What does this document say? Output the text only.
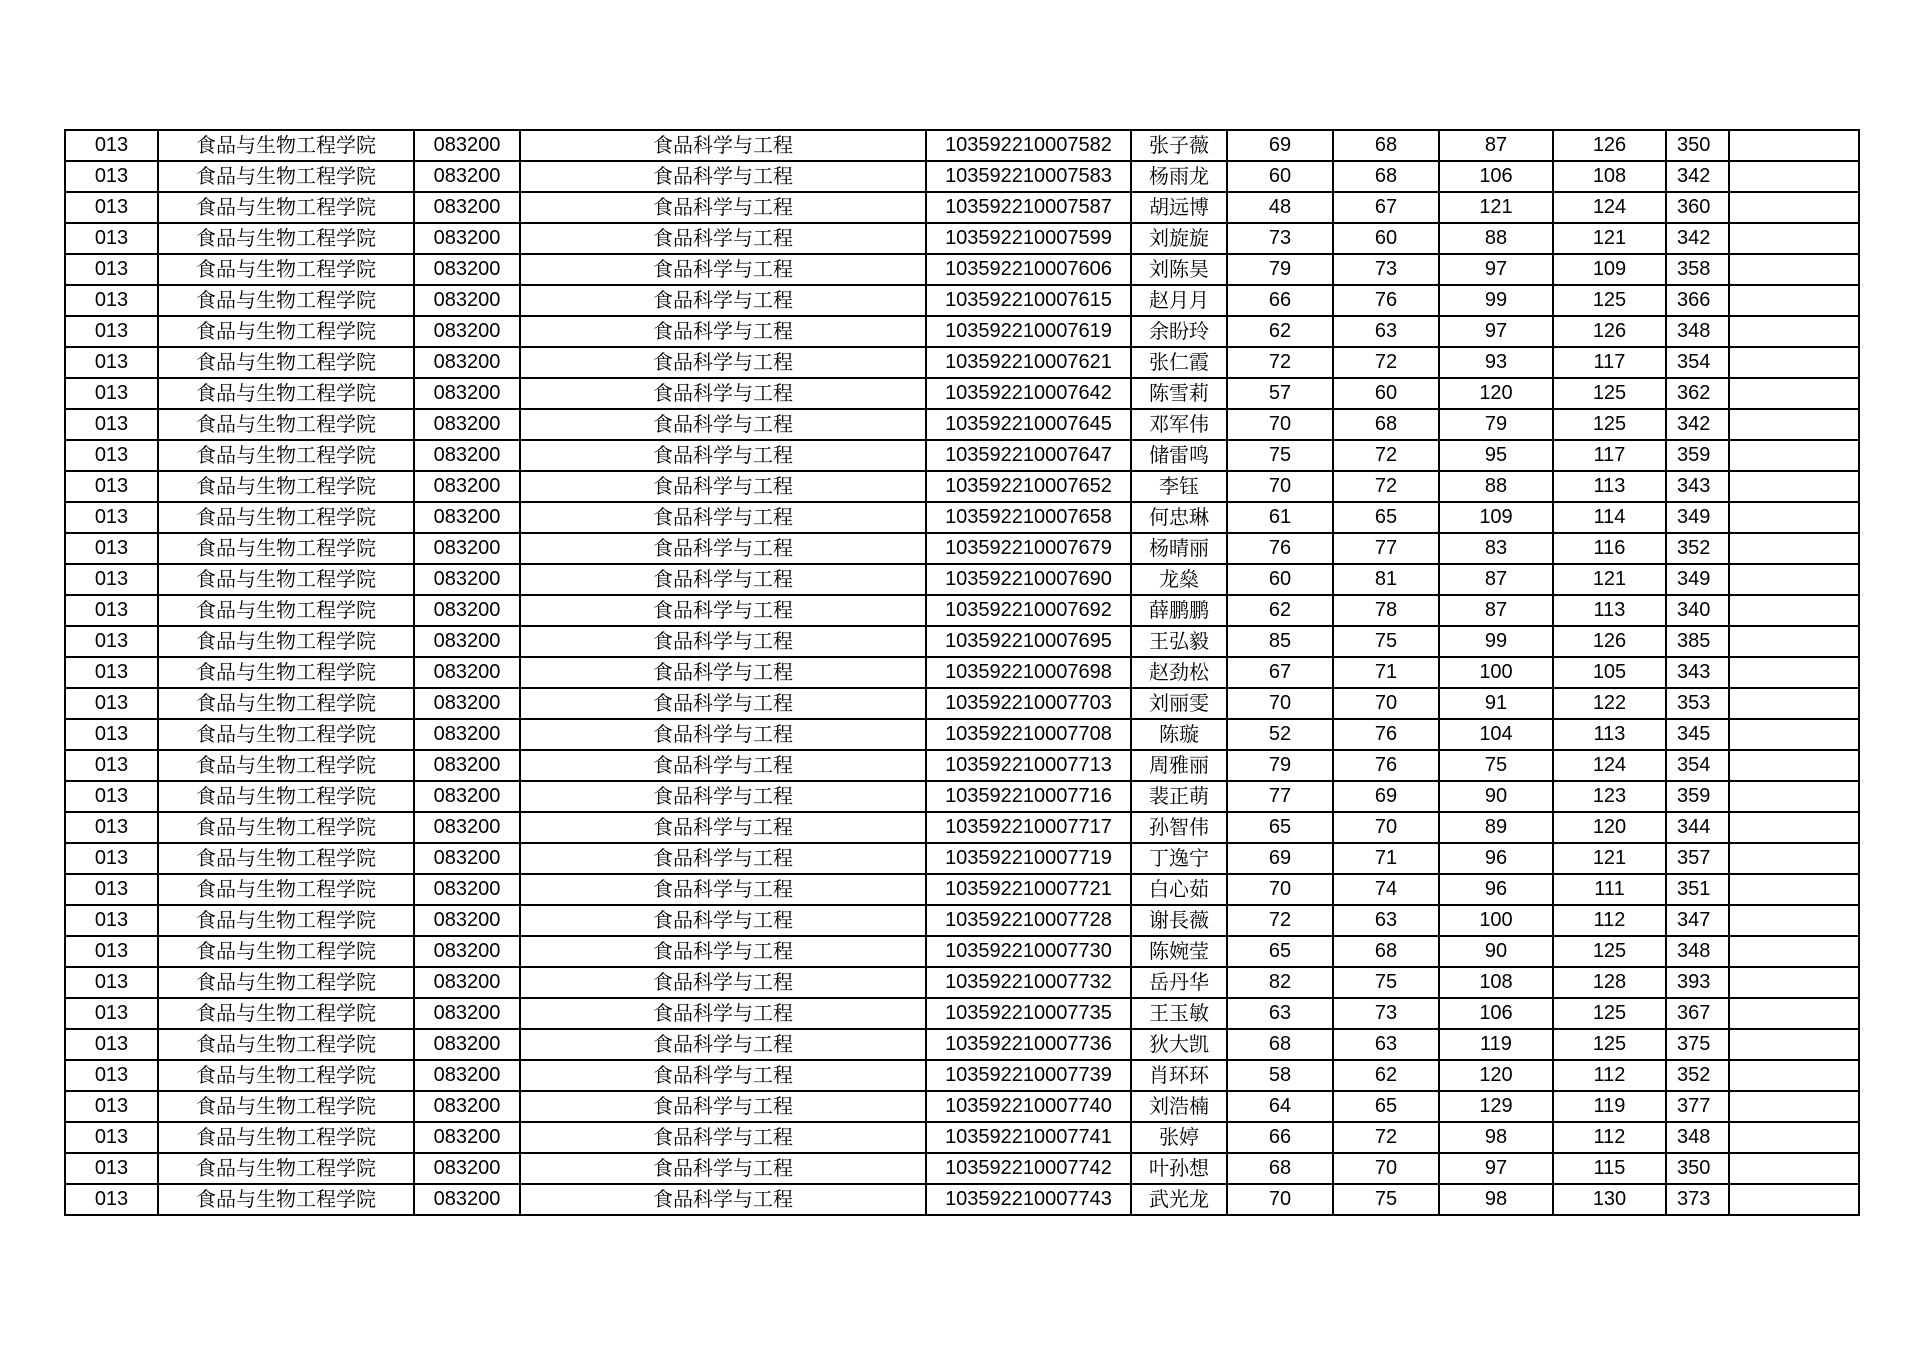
013	食品与生物工程学院	083200	食品科学与工程	103592210007582	张子薇	69	68	87	126	350	
013	食品与生物工程学院	083200	食品科学与工程	103592210007583	杨雨龙	60	68	106	108	342	
013	食品与生物工程学院	083200	食品科学与工程	103592210007587	胡远博	48	67	121	124	360	
013	食品与生物工程学院	083200	食品科学与工程	103592210007599	刘旋旋	73	60	88	121	342	
013	食品与生物工程学院	083200	食品科学与工程	103592210007606	刘陈昊	79	73	97	109	358	
013	食品与生物工程学院	083200	食品科学与工程	103592210007615	赵月月	66	76	99	125	366	
013	食品与生物工程学院	083200	食品科学与工程	103592210007619	余盼玲	62	63	97	126	348	
013	食品与生物工程学院	083200	食品科学与工程	103592210007621	张仁霞	72	72	93	117	354	
013	食品与生物工程学院	083200	食品科学与工程	103592210007642	陈雪莉	57	60	120	125	362	
013	食品与生物工程学院	083200	食品科学与工程	103592210007645	邓军伟	70	68	79	125	342	
013	食品与生物工程学院	083200	食品科学与工程	103592210007647	储雷鸣	75	72	95	117	359	
013	食品与生物工程学院	083200	食品科学与工程	103592210007652	李钰	70	72	88	113	343	
013	食品与生物工程学院	083200	食品科学与工程	103592210007658	何忠琳	61	65	109	114	349	
013	食品与生物工程学院	083200	食品科学与工程	103592210007679	杨晴丽	76	77	83	116	352	
013	食品与生物工程学院	083200	食品科学与工程	103592210007690	龙燊	60	81	87	121	349	
013	食品与生物工程学院	083200	食品科学与工程	103592210007692	薛鹏鹏	62	78	87	113	340	
013	食品与生物工程学院	083200	食品科学与工程	103592210007695	王弘毅	85	75	99	126	385	
013	食品与生物工程学院	083200	食品科学与工程	103592210007698	赵劲松	67	71	100	105	343	
013	食品与生物工程学院	083200	食品科学与工程	103592210007703	刘丽雯	70	70	91	122	353	
013	食品与生物工程学院	083200	食品科学与工程	103592210007708	陈璇	52	76	104	113	345	
013	食品与生物工程学院	083200	食品科学与工程	103592210007713	周雅丽	79	76	75	124	354	
013	食品与生物工程学院	083200	食品科学与工程	103592210007716	裴正萌	77	69	90	123	359	
013	食品与生物工程学院	083200	食品科学与工程	103592210007717	孙智伟	65	70	89	120	344	
013	食品与生物工程学院	083200	食品科学与工程	103592210007719	丁逸宁	69	71	96	121	357	
013	食品与生物工程学院	083200	食品科学与工程	103592210007721	白心茹	70	74	96	111	351	
013	食品与生物工程学院	083200	食品科学与工程	103592210007728	谢長薇	72	63	100	112	347	
013	食品与生物工程学院	083200	食品科学与工程	103592210007730	陈婉莹	65	68	90	125	348	
013	食品与生物工程学院	083200	食品科学与工程	103592210007732	岳丹华	82	75	108	128	393	
013	食品与生物工程学院	083200	食品科学与工程	103592210007735	王玉敏	63	73	106	125	367	
013	食品与生物工程学院	083200	食品科学与工程	103592210007736	狄大凯	68	63	119	125	375	
013	食品与生物工程学院	083200	食品科学与工程	103592210007739	肖环环	58	62	120	112	352	
013	食品与生物工程学院	083200	食品科学与工程	103592210007740	刘浩楠	64	65	129	119	377	
013	食品与生物工程学院	083200	食品科学与工程	103592210007741	张婷	66	72	98	112	348	
013	食品与生物工程学院	083200	食品科学与工程	103592210007742	叶孙想	68	70	97	115	350	
013	食品与生物工程学院	083200	食品科学与工程	103592210007743	武光龙	70	75	98	130	373	
